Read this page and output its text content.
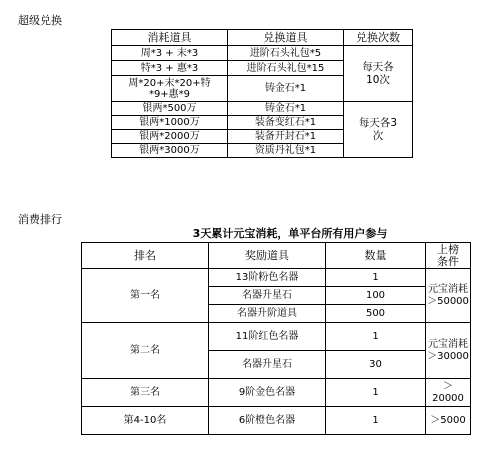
超级兑换
消耗道具	兑换道具	兑换次数
周*3 + 末*3	进阶石头礼包*5	每天各10次
特*3 + 惠*3	进阶石头礼包*15	
周*20+末*20+特*9+惠*9	铸金石*1	
银两*500万	铸金石*1	每天各3次
银两*1000万	装备变红石*1	
银两*2000万	装备开封石*1	
银两*3000万	资质丹礼包*1	
消费排行
3天累计元宝消耗，单平台所有用户参与
排名	奖励道具	数量	上榜条件
第一名	13阶粉色名器	1	元宝消耗＞50000
	名器升星石	100	
	名器升阶道具	500	
第二名	11阶红色名器	1	元宝消耗＞30000
	名器升星石	30	
第三名	9阶金色名器	1	＞20000
第4-10名	6阶橙色名器	1	＞5000
